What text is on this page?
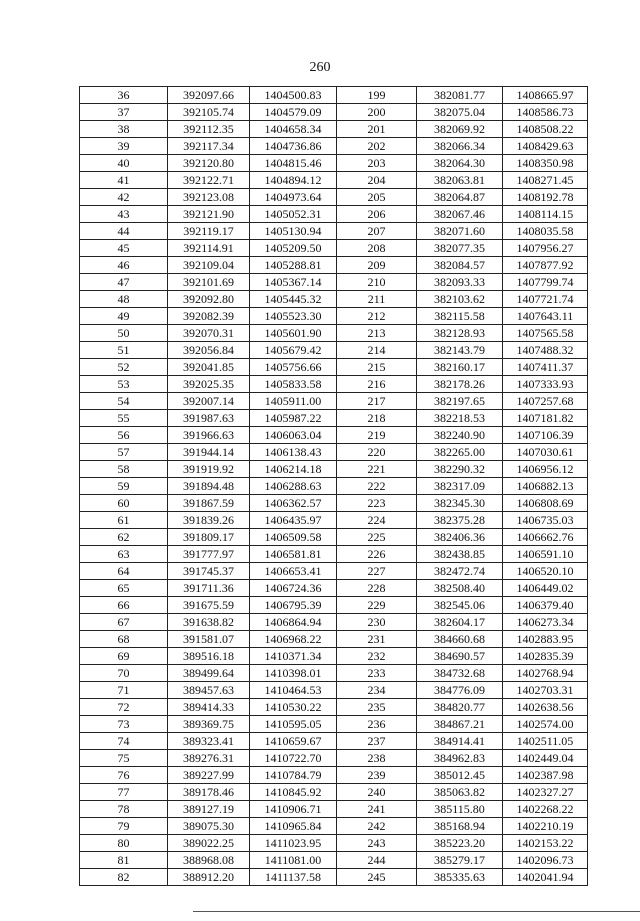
260
36	392097.66	1404500.83	199	382081.77	1408665.97
37	392105.74	1404579.09	200	382075.04	1408586.73
38	392112.35	1404658.34	201	382069.92	1408508.22
39	392117.34	1404736.86	202	382066.34	1408429.63
40	392120.80	1404815.46	203	382064.30	1408350.98
41	392122.71	1404894.12	204	382063.81	1408271.45
42	392123.08	1404973.64	205	382064.87	1408192.78
43	392121.90	1405052.31	206	382067.46	1408114.15
44	392119.17	1405130.94	207	382071.60	1408035.58
45	392114.91	1405209.50	208	382077.35	1407956.27
46	392109.04	1405288.81	209	382084.57	1407877.92
47	392101.69	1405367.14	210	382093.33	1407799.74
48	392092.80	1405445.32	211	382103.62	1407721.74
49	392082.39	1405523.30	212	382115.58	1407643.11
50	392070.31	1405601.90	213	382128.93	1407565.58
51	392056.84	1405679.42	214	382143.79	1407488.32
52	392041.85	1405756.66	215	382160.17	1407411.37
53	392025.35	1405833.58	216	382178.26	1407333.93
54	392007.14	1405911.00	217	382197.65	1407257.68
55	391987.63	1405987.22	218	382218.53	1407181.82
56	391966.63	1406063.04	219	382240.90	1407106.39
57	391944.14	1406138.43	220	382265.00	1407030.61
58	391919.92	1406214.18	221	382290.32	1406956.12
59	391894.48	1406288.63	222	382317.09	1406882.13
60	391867.59	1406362.57	223	382345.30	1406808.69
61	391839.26	1406435.97	224	382375.28	1406735.03
62	391809.17	1406509.58	225	382406.36	1406662.76
63	391777.97	1406581.81	226	382438.85	1406591.10
64	391745.37	1406653.41	227	382472.74	1406520.10
65	391711.36	1406724.36	228	382508.40	1406449.02
66	391675.59	1406795.39	229	382545.06	1406379.40
67	391638.82	1406864.94	230	382604.17	1406273.34
68	391581.07	1406968.22	231	384660.68	1402883.95
69	389516.18	1410371.34	232	384690.57	1402835.39
70	389499.64	1410398.01	233	384732.68	1402768.94
71	389457.63	1410464.53	234	384776.09	1402703.31
72	389414.33	1410530.22	235	384820.77	1402638.56
73	389369.75	1410595.05	236	384867.21	1402574.00
74	389323.41	1410659.67	237	384914.41	1402511.05
75	389276.31	1410722.70	238	384962.83	1402449.04
76	389227.99	1410784.79	239	385012.45	1402387.98
77	389178.46	1410845.92	240	385063.82	1402327.27
78	389127.19	1410906.71	241	385115.80	1402268.22
79	389075.30	1410965.84	242	385168.94	1402210.19
80	389022.25	1411023.95	243	385223.20	1402153.22
81	388968.08	1411081.00	244	385279.17	1402096.73
82	388912.20	1411137.58	245	385335.63	1402041.94
